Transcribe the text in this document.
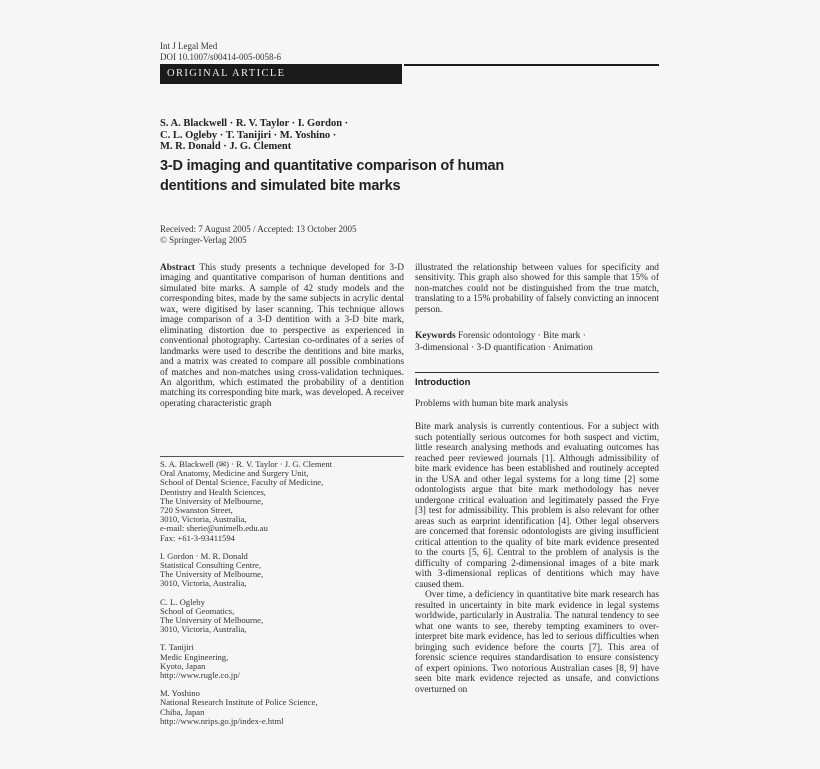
Int J Legal Med
DOI 10.1007/s00414-005-0058-6
ORIGINAL ARTICLE
S. A. Blackwell · R. V. Taylor · I. Gordon ·
C. L. Ogleby · T. Tanijiri · M. Yoshino ·
M. R. Donald · J. G. Clement
3-D imaging and quantitative comparison of human
dentitions and simulated bite marks
Received: 7 August 2005 / Accepted: 13 October 2005
© Springer-Verlag 2005
Abstract This study presents a technique developed for 3-D imaging and quantitative comparison of human dentitions and simulated bite marks. A sample of 42 study models and the corresponding bites, made by the same subjects in acrylic dental wax, were digitised by laser scanning. This technique allows image comparison of a 3-D dentition with a 3-D bite mark, eliminating distortion due to perspective as experienced in conventional photography. Cartesian co-ordinates of a series of landmarks were used to describe the dentitions and bite marks, and a matrix was created to compare all possible combinations of matches and non-matches using cross-validation techniques. An algorithm, which estimated the probability of a dentition matching its corresponding bite mark, was developed. A receiver operating characteristic graph
illustrated the relationship between values for specificity and sensitivity. This graph also showed for this sample that 15% of non-matches could not be distinguished from the true match, translating to a 15% probability of falsely convicting an innocent person.
Keywords Forensic odontology · Bite mark ·
3-dimensional · 3-D quantification · Animation
Introduction
Problems with human bite mark analysis

Bite mark analysis is currently contentious. For a subject with such potentially serious outcomes for both suspect and victim, little research analysing methods and evaluating outcomes has reached peer reviewed journals [1]. Although admissibility of bite mark evidence has been established and routinely accepted in the USA and other legal systems for a long time [2] some odontologists argue that bite mark methodology has never undergone critical evaluation and legitimately passed the Frye [3] test for admissibility. This problem is also relevant for other areas such as earprint identification [4]. Other legal observers are concerned that forensic odontologists are giving insufficient critical attention to the quality of bite mark evidence presented to the courts [5, 6]. Central to the problem of analysis is the difficulty of comparing 2-dimensional images of a bite mark with 3-dimensional replicas of dentitions which may have caused them.

Over time, a deficiency in quantitative bite mark research has resulted in uncertainty in bite mark evidence in legal systems worldwide, particularly in Australia. The natural tendency to see what one wants to see, thereby tempting examiners to over-interpret bite mark evidence, has led to serious difficulties when bringing such evidence before the courts [7]. This area of forensic science requires standardisation to ensure consistency of expert opinions. Two notorious Australian cases [8, 9] have seen bite mark evidence rejected as unsafe, and convictions overturned on

S. A. Blackwell (✉) · R. V. Taylor · J. G. Clement
Oral Anatomy, Medicine and Surgery Unit,
School of Dental Science, Faculty of Medicine,
Dentistry and Health Sciences,
The University of Melbourne,
720 Swanston Street,
3010, Victoria, Australia,
e-mail: sherie@unimelb.edu.au
Fax: +61-3-93411594
I. Gordon · M. R. Donald
Statistical Consulting Centre,
The University of Melbourne,
3010, Victoria, Australia,
C. L. Ogleby
School of Geomatics,
The University of Melbourne,
3010, Victoria, Australia,
T. Tanijiri
Medic Engineering,
Kyoto, Japan
http://www.rugle.co.jp/
M. Yoshino
National Research Institute of Police Science,
Chiba, Japan
http://www.nrips.go.jp/index-e.html
